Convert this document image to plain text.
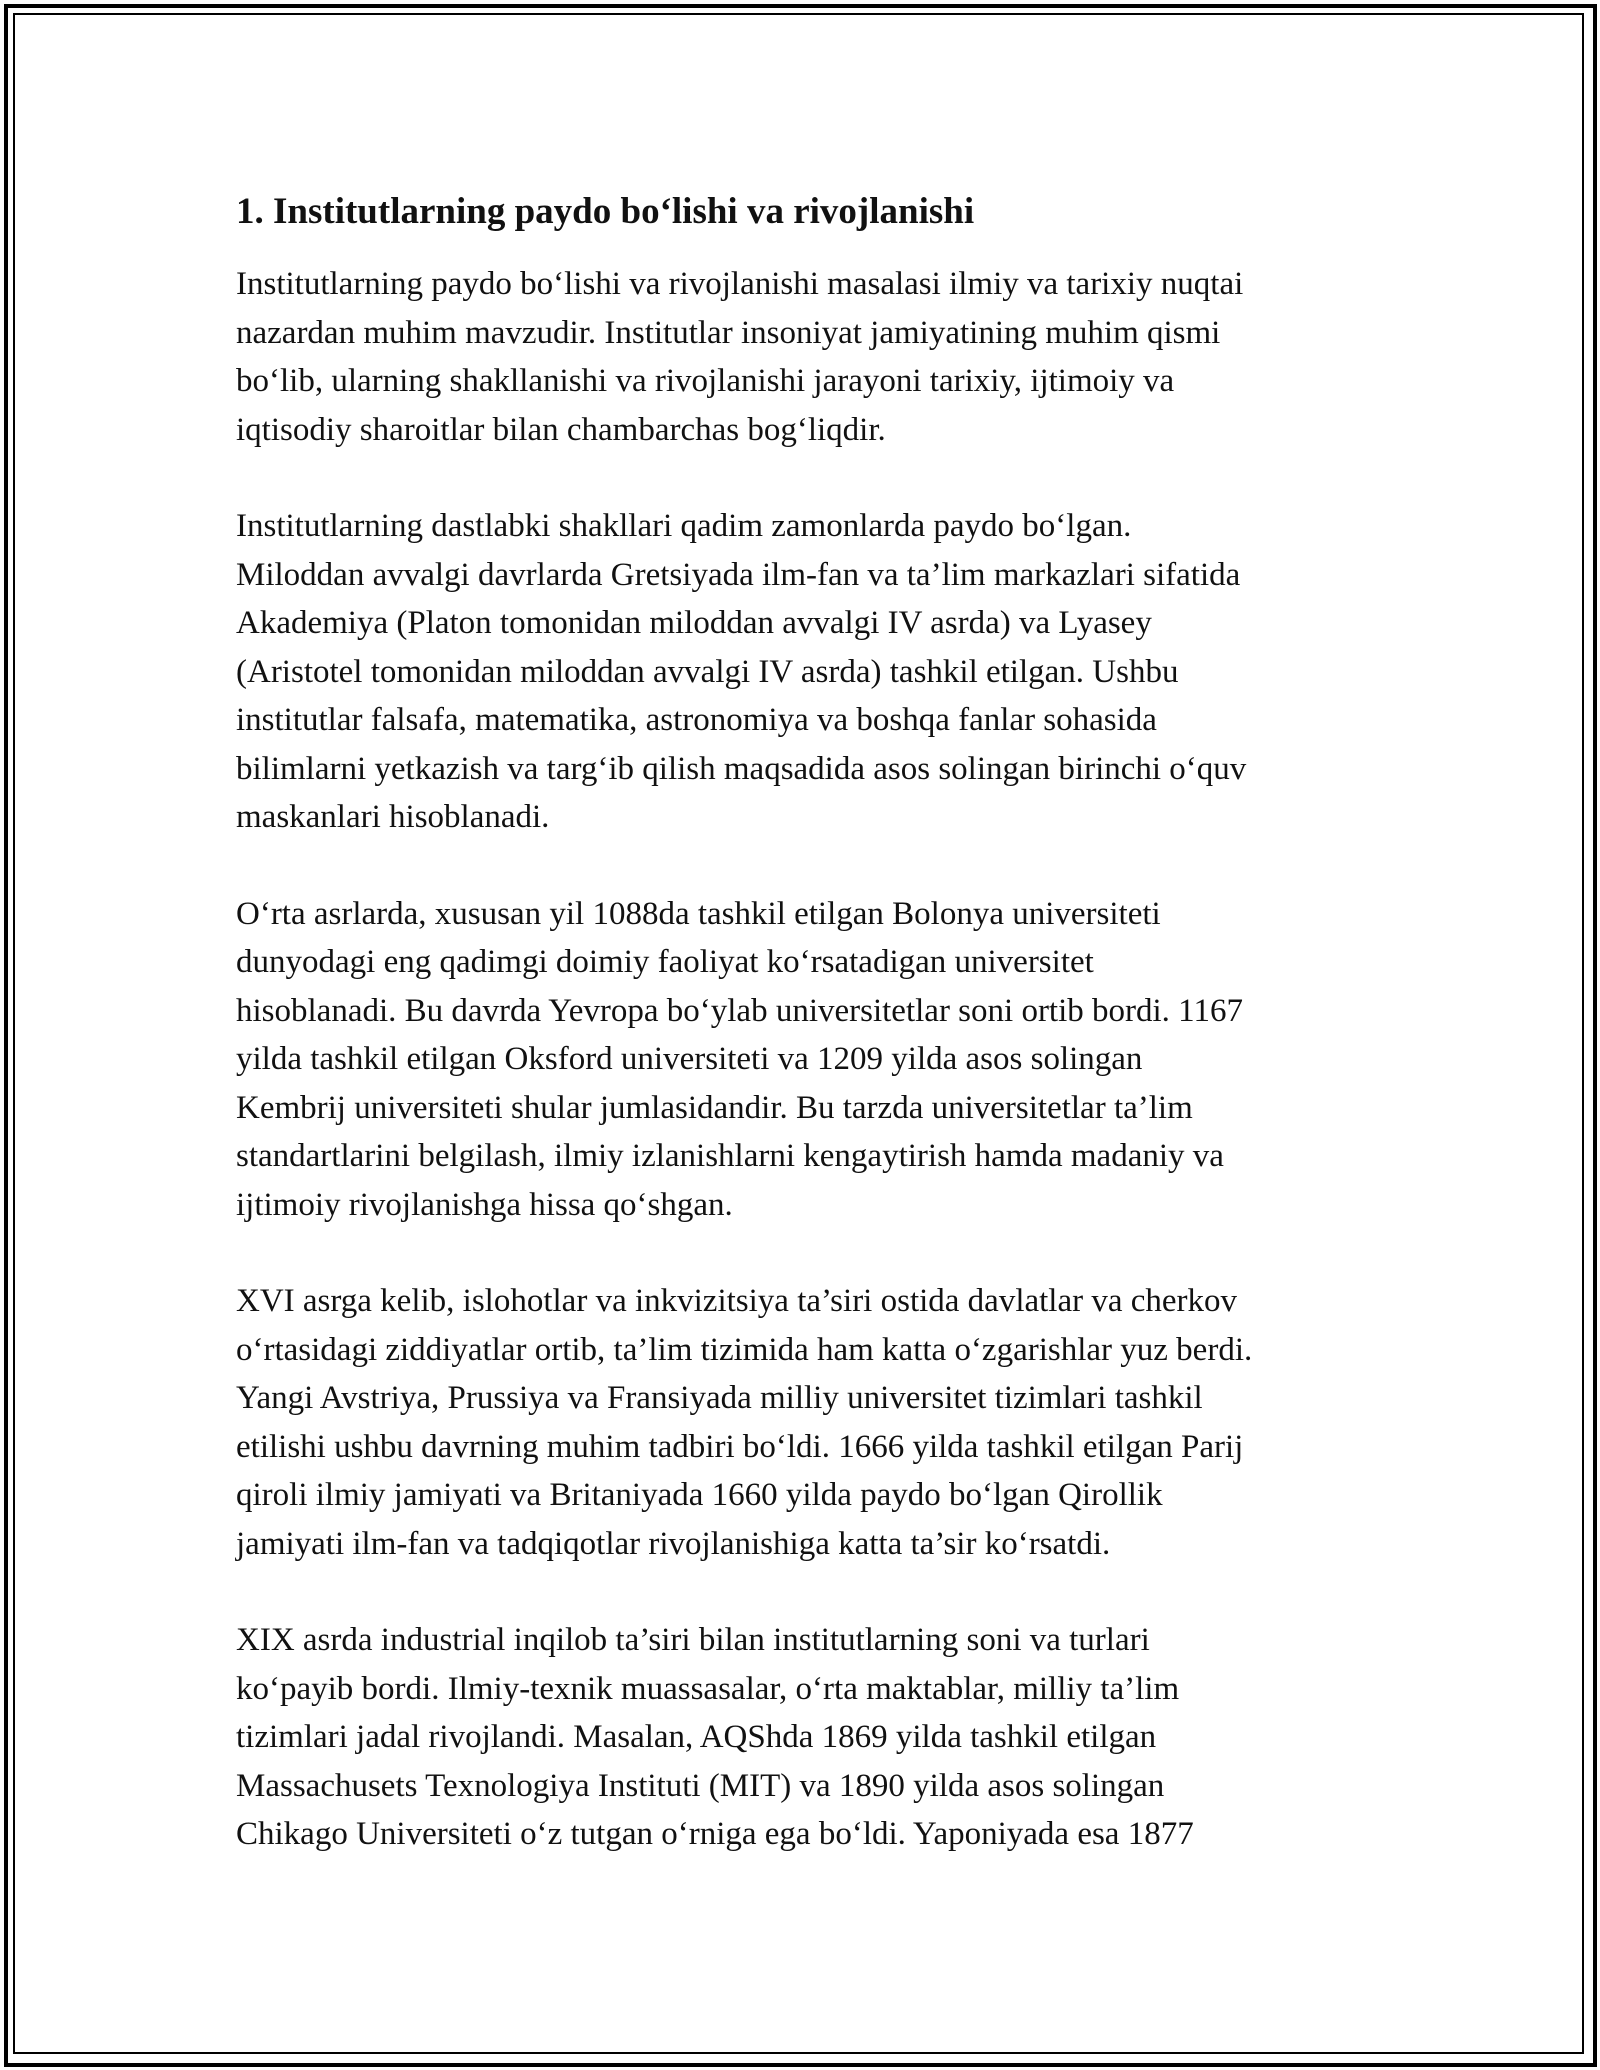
1. Institutlarning paydo bo‘lishi va rivojlanishi

Institutlarning paydo bo‘lishi va rivojlanishi masalasi ilmiy va tarixiy nuqtai
nazardan muhim mavzudir. Institutlar insoniyat jamiyatining muhim qismi
bo‘lib, ularning shakllanishi va rivojlanishi jarayoni tarixiy, ijtimoiy va
iqtisodiy sharoitlar bilan chambarchas bog‘liqdir.

Institutlarning dastlabki shakllari qadim zamonlarda paydo bo‘lgan.
Miloddan avvalgi davrlarda Gretsiyada ilm-fan va ta’lim markazlari sifatida
Akademiya (Platon tomonidan miloddan avvalgi IV asrda) va Lyasey
(Aristotel tomonidan miloddan avvalgi IV asrda) tashkil etilgan. Ushbu
institutlar falsafa, matematika, astronomiya va boshqa fanlar sohasida
bilimlarni yetkazish va targ‘ib qilish maqsadida asos solingan birinchi o‘quv
maskanlari hisoblanadi.

O‘rta asrlarda, xususan yil 1088da tashkil etilgan Bolonya universiteti
dunyodagi eng qadimgi doimiy faoliyat ko‘rsatadigan universitet
hisoblanadi. Bu davrda Yevropa bo‘ylab universitetlar soni ortib bordi. 1167
yilda tashkil etilgan Oksford universiteti va 1209 yilda asos solingan
Kembrij universiteti shular jumlasidandir. Bu tarzda universitetlar ta’lim
standartlarini belgilash, ilmiy izlanishlarni kengaytirish hamda madaniy va
ijtimoiy rivojlanishga hissa qo‘shgan.

XVI asrga kelib, islohotlar va inkvizitsiya ta’siri ostida davlatlar va cherkov
o‘rtasidagi ziddiyatlar ortib, ta’lim tizimida ham katta o‘zgarishlar yuz berdi.
Yangi Avstriya, Prussiya va Fransiyada milliy universitet tizimlari tashkil
etilishi ushbu davrning muhim tadbiri bo‘ldi. 1666 yilda tashkil etilgan Parij
qiroli ilmiy jamiyati va Britaniyada 1660 yilda paydo bo‘lgan Qirollik
jamiyati ilm-fan va tadqiqotlar rivojlanishiga katta ta’sir ko‘rsatdi.

XIX asrda industrial inqilob ta’siri bilan institutlarning soni va turlari
ko‘payib bordi. Ilmiy-texnik muassasalar, o‘rta maktablar, milliy ta’lim
tizimlari jadal rivojlandi. Masalan, AQShda 1869 yilda tashkil etilgan
Massachusets Texnologiya Instituti (MIT) va 1890 yilda asos solingan
Chikago Universiteti o‘z tutgan o‘rniga ega bo‘ldi. Yaponiyada esa 1877
